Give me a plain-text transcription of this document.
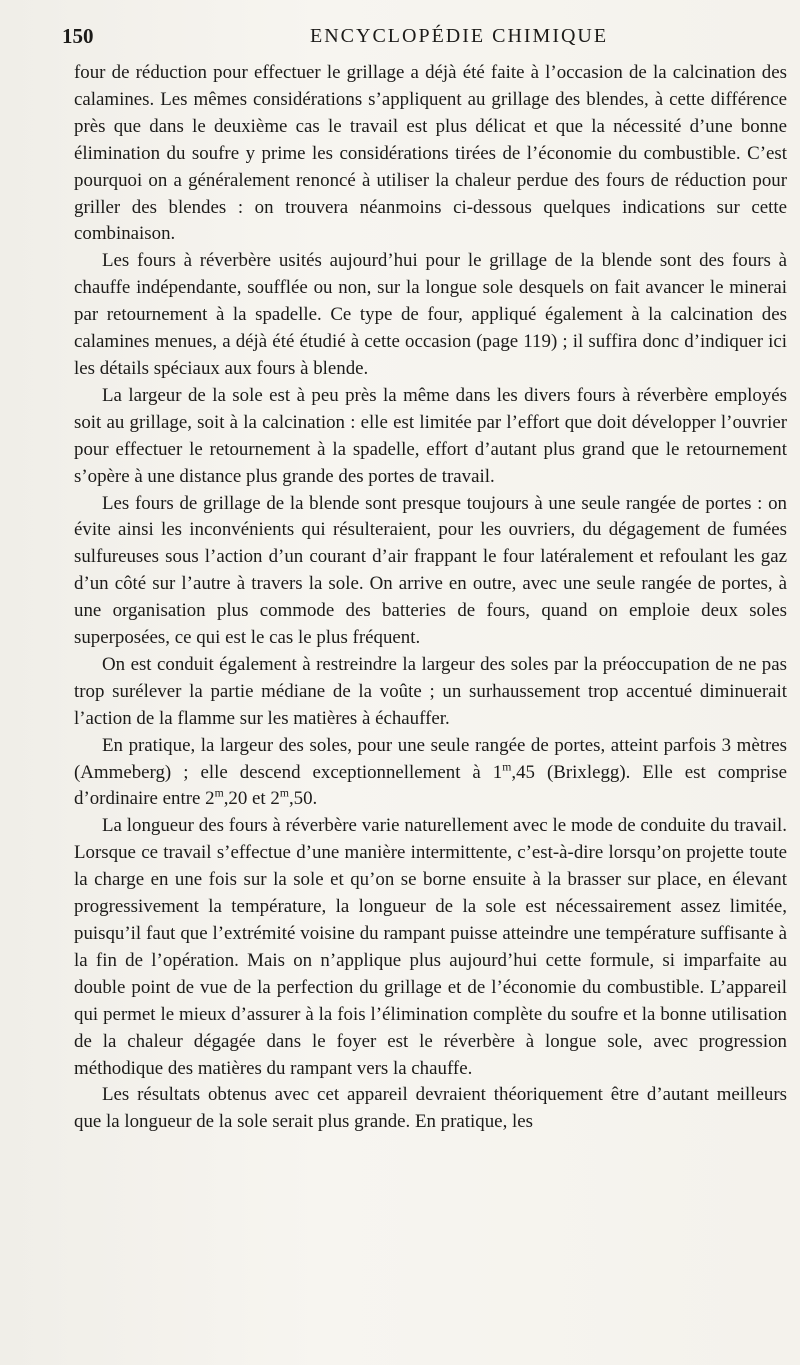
150	ENCYCLOPÉDIE CHIMIQUE

four de réduction pour effectuer le grillage a déjà été faite à l’occasion de la calcination des calamines. Les mêmes considérations s’appliquent au grillage des blendes, à cette différence près que dans le deuxième cas le travail est plus délicat et que la nécessité d’une bonne élimination du soufre y prime les considérations tirées de l’économie du combustible. C’est pourquoi on a généralement renoncé à utiliser la chaleur perdue des fours de réduction pour griller des blendes : on trouvera néanmoins ci-dessous quelques indications sur cette combinaison.

Les fours à réverbère usités aujourd’hui pour le grillage de la blende sont des fours à chauffe indépendante, soufflée ou non, sur la longue sole desquels on fait avancer le minerai par retournement à la spadelle. Ce type de four, appliqué également à la calcination des calamines menues, a déjà été étudié à cette occasion (page 119) ; il suffira donc d’indiquer ici les détails spéciaux aux fours à blende.

La largeur de la sole est à peu près la même dans les divers fours à réverbère employés soit au grillage, soit à la calcination : elle est limitée par l’effort que doit développer l’ouvrier pour effectuer le retournement à la spadelle, effort d’autant plus grand que le retournement s’opère à une distance plus grande des portes de travail.

Les fours de grillage de la blende sont presque toujours à une seule rangée de portes : on évite ainsi les inconvénients qui résulteraient, pour les ouvriers, du dégagement de fumées sulfureuses sous l’action d’un courant d’air frappant le four latéralement et refoulant les gaz d’un côté sur l’autre à travers la sole. On arrive en outre, avec une seule rangée de portes, à une organisation plus commode des batteries de fours, quand on emploie deux soles superposées, ce qui est le cas le plus fréquent.

On est conduit également à restreindre la largeur des soles par la préoccupation de ne pas trop surélever la partie médiane de la voûte ; un surhaussement trop accentué diminuerait l’action de la flamme sur les matières à échauffer.

En pratique, la largeur des soles, pour une seule rangée de portes, atteint parfois 3 mètres (Ammeberg) ; elle descend exceptionnellement à 1$^m$,45 (Brixlegg). Elle est comprise d’ordinaire entre 2$^m$,20 et 2$^m$,50.

La longueur des fours à réverbère varie naturellement avec le mode de conduite du travail. Lorsque ce travail s’effectue d’une manière intermittente, c’est-à-dire lorsqu’on projette toute la charge en une fois sur la sole et qu’on se borne ensuite à la brasser sur place, en élevant progressivement la température, la longueur de la sole est nécessairement assez limitée, puisqu’il faut que l’extrémité voisine du rampant puisse atteindre une température suffisante à la fin de l’opération. Mais on n’applique plus aujourd’hui cette formule, si imparfaite au double point de vue de la perfection du grillage et de l’économie du combustible. L’appareil qui permet le mieux d’assurer à la fois l’élimination complète du soufre et la bonne utilisation de la chaleur dégagée dans le foyer est le réverbère à longue sole, avec progression méthodique des matières du rampant vers la chauffe.

Les résultats obtenus avec cet appareil devraient théoriquement être d’autant meilleurs que la longueur de la sole serait plus grande. En pratique, les
